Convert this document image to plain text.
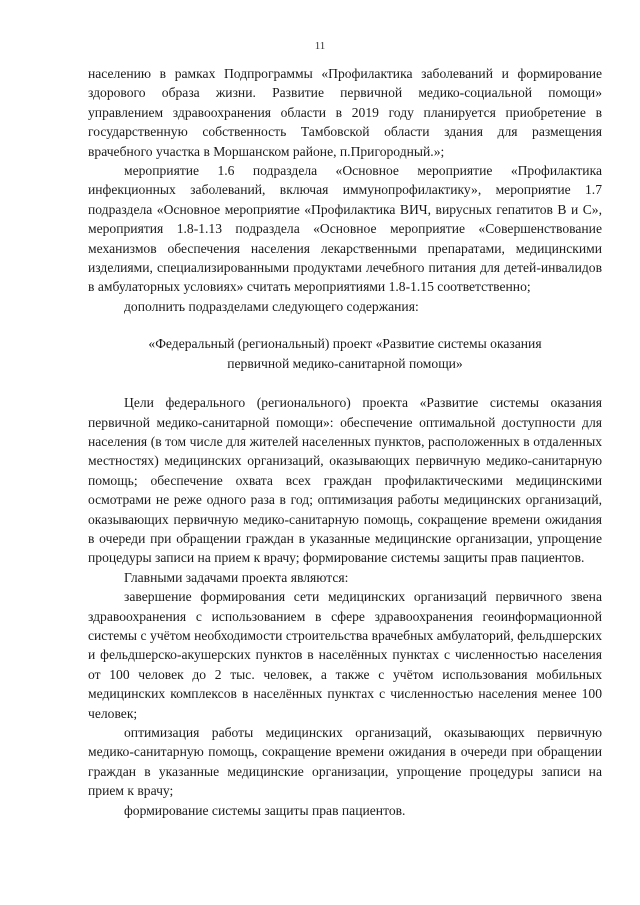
11

населению в рамках Подпрограммы «Профилактика заболеваний и формирование здорового образа жизни. Развитие первичной медико-социальной помощи» управлением здравоохранения области в 2019 году планируется приобретение в государственную собственность Тамбовской области здания для размещения врачебного участка в Моршанском районе, п.Пригородный.»;

мероприятие 1.6 подраздела «Основное мероприятие «Профилактика инфекционных заболеваний, включая иммунопрофилактику», мероприятие 1.7 подраздела «Основное мероприятие «Профилактика ВИЧ, вирусных гепатитов В и С», мероприятия 1.8-1.13 подраздела «Основное мероприятие «Совершенствование механизмов обеспечения населения лекарственными препаратами, медицинскими изделиями, специализированными продуктами лечебного питания для детей-инвалидов в амбулаторных условиях» считать мероприятиями 1.8-1.15 соответственно;

дополнить подразделами следующего содержания:

«Федеральный (региональный) проект «Развитие системы оказания
первичной медико-санитарной помощи»

Цели федерального (регионального) проекта «Развитие системы оказания первичной медико-санитарной помощи»: обеспечение оптимальной доступности для населения (в том числе для жителей населенных пунктов, расположенных в отдаленных местностях) медицинских организаций, оказывающих первичную медико-санитарную помощь; обеспечение охвата всех граждан профилактическими медицинскими осмотрами не реже одного раза в год; оптимизация работы медицинских организаций, оказывающих первичную медико-санитарную помощь, сокращение времени ожидания в очереди при обращении граждан в указанные медицинские организации, упрощение процедуры записи на прием к врачу; формирование системы защиты прав пациентов.

Главными задачами проекта являются:

завершение формирования сети медицинских организаций первичного звена здравоохранения с использованием в сфере здравоохранения геоинформационной системы с учётом необходимости строительства врачебных амбулаторий, фельдшерских и фельдшерско-акушерских пунктов в населённых пунктах с численностью населения от 100 человек до 2 тыс. человек, а также с учётом использования мобильных медицинских комплексов в населённых пунктах с численностью населения менее 100 человек;

оптимизация работы медицинских организаций, оказывающих первичную медико-санитарную помощь, сокращение времени ожидания в очереди при обращении граждан в указанные медицинские организации, упрощение процедуры записи на прием к врачу;

формирование системы защиты прав пациентов.
